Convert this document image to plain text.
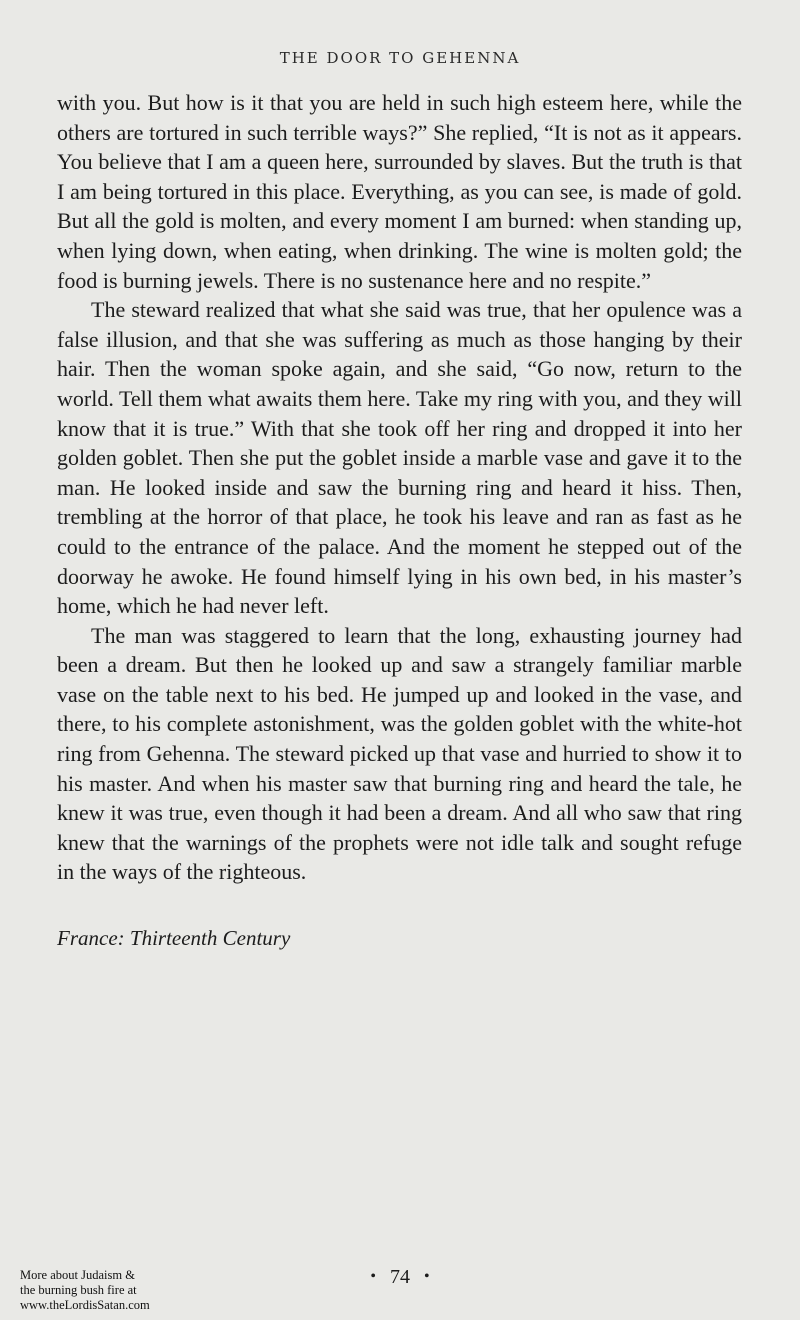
THE DOOR TO GEHENNA

with you. But how is it that you are held in such high esteem here, while the others are tortured in such terrible ways?” She replied, “It is not as it appears. You believe that I am a queen here, surrounded by slaves. But the truth is that I am being tortured in this place. Everything, as you can see, is made of gold. But all the gold is molten, and every moment I am burned: when standing up, when lying down, when eating, when drinking. The wine is molten gold; the food is burning jewels. There is no sustenance here and no respite.”

The steward realized that what she said was true, that her opulence was a false illusion, and that she was suffering as much as those hanging by their hair. Then the woman spoke again, and she said, “Go now, return to the world. Tell them what awaits them here. Take my ring with you, and they will know that it is true.” With that she took off her ring and dropped it into her golden goblet. Then she put the goblet inside a marble vase and gave it to the man. He looked inside and saw the burning ring and heard it hiss. Then, trembling at the horror of that place, he took his leave and ran as fast as he could to the entrance of the palace. And the moment he stepped out of the doorway he awoke. He found himself lying in his own bed, in his master’s home, which he had never left.

The man was staggered to learn that the long, exhausting journey had been a dream. But then he looked up and saw a strangely familiar marble vase on the table next to his bed. He jumped up and looked in the vase, and there, to his complete astonishment, was the golden goblet with the white-hot ring from Gehenna. The steward picked up that vase and hurried to show it to his master. And when his master saw that burning ring and heard the tale, he knew it was true, even though it had been a dream. And all who saw that ring knew that the warnings of the prophets were not idle talk and sought refuge in the ways of the righteous.

France: Thirteenth Century
• 74 •
More about Judaism &
the burning bush fire at
www.theLordisSatan.com
